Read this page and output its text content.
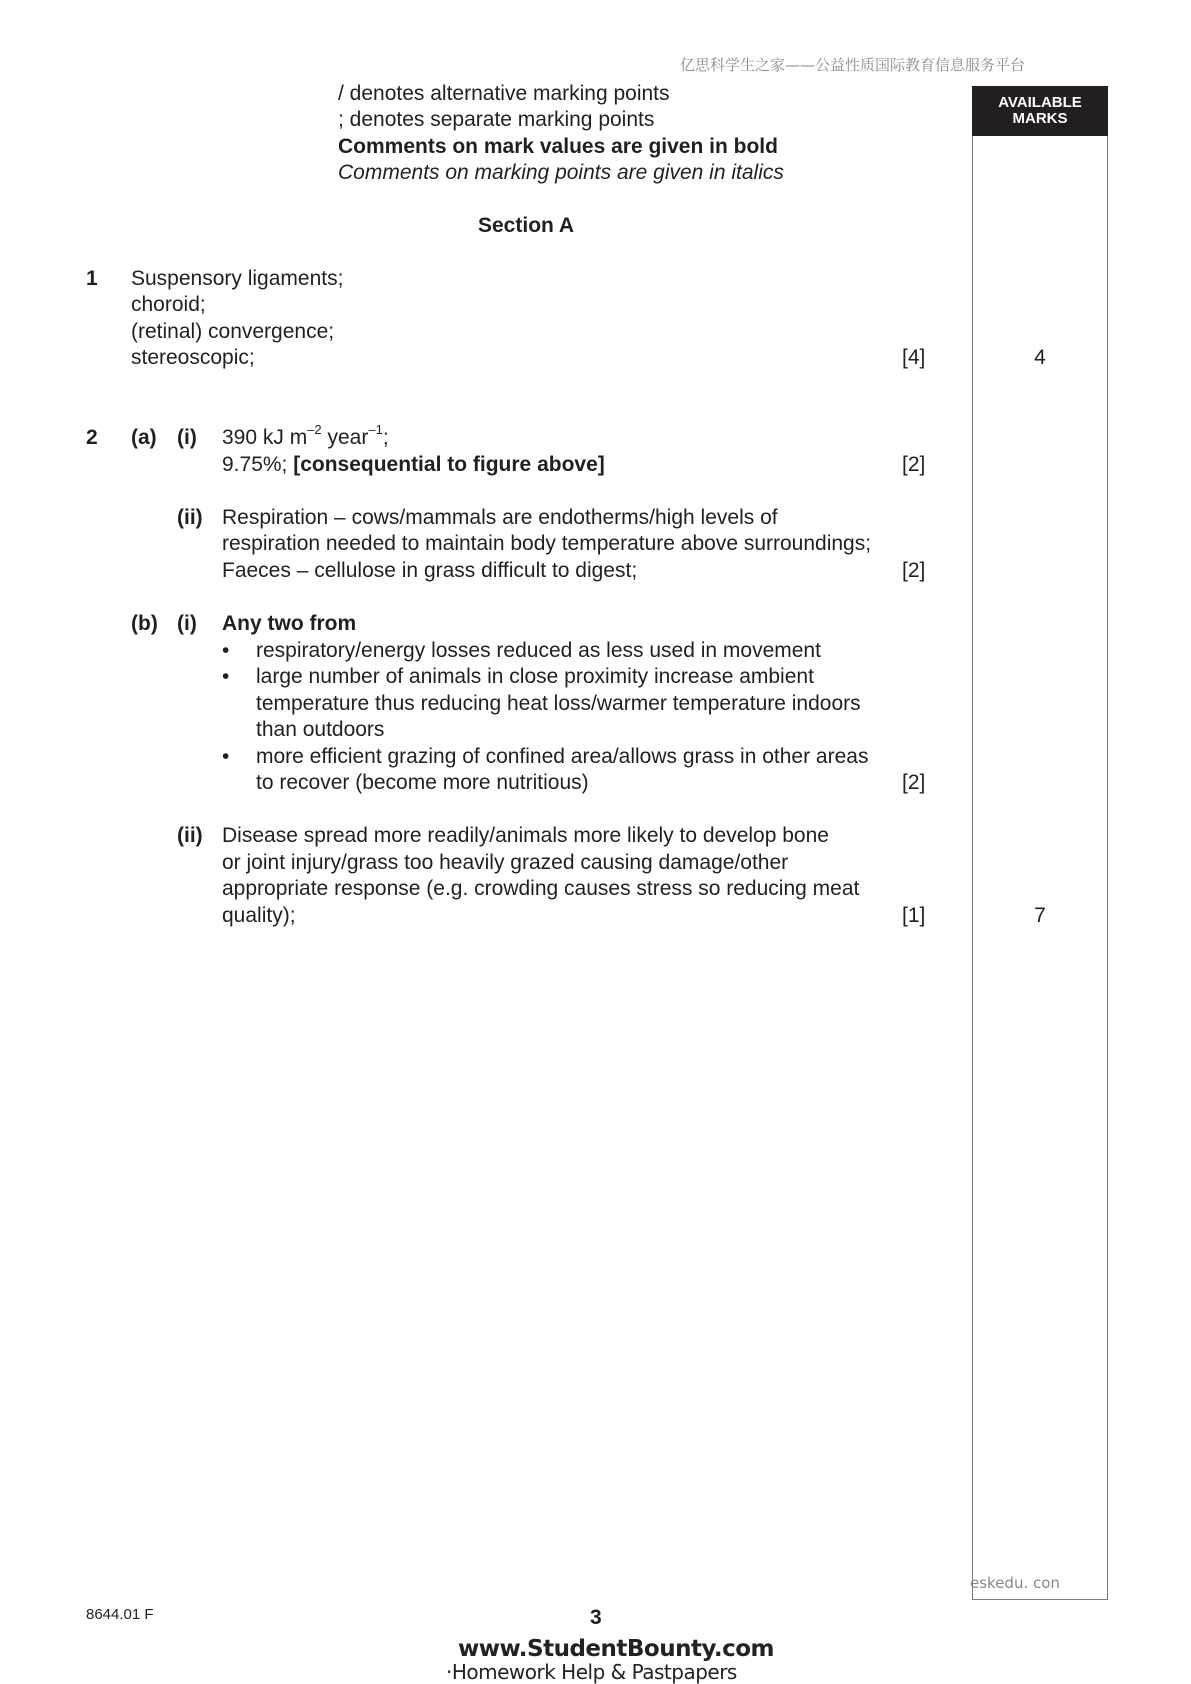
亿思科学生之家——公益性质国际教育信息服务平台
AVAILABLE
MARKS
/ denotes alternative marking points
; denotes separate marking points
Comments on mark values are given in bold
Comments on marking points are given in italics
Section A
1 Suspensory ligaments;
choroid;
(retinal) convergence;
stereoscopic;	[4]	4
2 (a) (i) 390 kJ $m^{-2}$ year$^{-1}$;
9.75%; [consequential to figure above]	[2]
(ii) Respiration – cows/mammals are endotherms/high levels of
respiration needed to maintain body temperature above surroundings;
Faeces – cellulose in grass difficult to digest;	[2]
(b) (i) Any two from
• respiratory/energy losses reduced as less used in movement
• large number of animals in close proximity increase ambient
temperature thus reducing heat loss/warmer temperature indoors
than outdoors
• more efficient grazing of confined area/allows grass in other areas
to recover (become more nutritious)	[2]
(ii) Disease spread more readily/animals more likely to develop bone
or joint injury/grass too heavily grazed causing damage/other
appropriate response (e.g. crowding causes stress so reducing meat
quality);	[1]	7
eskedu. con
8644.01 F	3
www.StudentBounty.com
·Homework Help & Pastpapers
